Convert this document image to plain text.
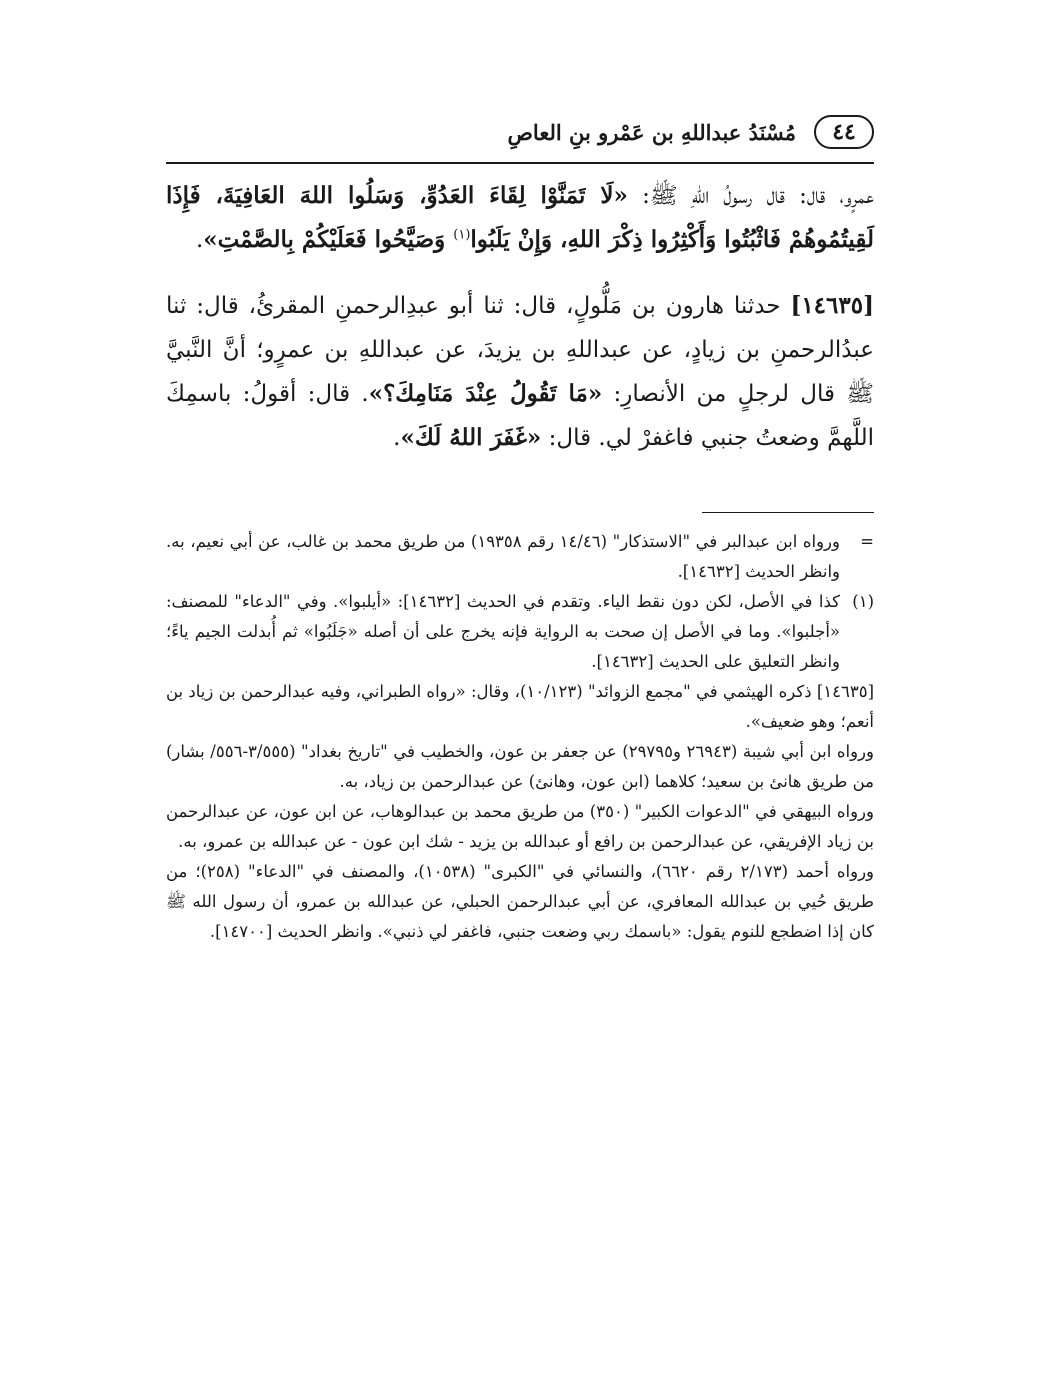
٤٤
مُسْنَدُ عبداللهِ بن عَمْرو بنِ العاصِ

عمرٍو، قال: قال رسولُ اللهِ ﷺ: «لَا تَمَنَّوْا لِقَاءَ العَدُوِّ، وَسَلُوا اللهَ العَافِيَةَ، فَإِذَا لَقِيتُمُوهُمْ فَاثْبُتُوا وَأَكْثِرُوا ذِكْرَ اللهِ، وَإِنْ يَلَبُوا$^{(١)}$ وَصَيَّحُوا فَعَلَيْكُمْ بِالصَّمْتِ».

[١٤٦٣٥] حدثنا هارون بن مَلُّولٍ، قال: ثنا أبو عبدِالرحمنِ المقرئُ، قال: ثنا عبدُالرحمنِ بن زيادٍ، عن عبداللهِ بن يزيدَ، عن عبداللهِ بن عمرٍو؛ أنَّ النَّبيَّ ﷺ قال لرجلٍ من الأنصارِ: «مَا تَقُولُ عِنْدَ مَنَامِكَ؟». قال: أقولُ: باسمِكَ اللَّهمَّ وضعتُ جنبي فاغفرْ لي. قال: «غَفَرَ اللهُ لَكَ».

=

ورواه ابن عبدالبر في "الاستذكار" (١٤/٤٦ رقم ١٩٣٥٨) من طريق محمد بن غالب، عن أبي نعيم، به. وانظر الحديث [١٤٦٣٢].

(١)

كذا في الأصل، لكن دون نقط الياء. وتقدم في الحديث [١٤٦٣٢]: «أيلبوا». وفي "الدعاء" للمصنف: «أجلبوا». وما في الأصل إن صحت به الرواية فإنه يخرج على أن أصله «جَلَبُوا» ثم أُبدلت الجيم ياءً؛ وانظر التعليق على الحديث [١٤٦٣٢].

[١٤٦٣٥] ذكره الهيثمي في "مجمع الزوائد" (١٠/١٢٣)، وقال: «رواه الطبراني، وفيه عبدالرحمن بن زياد بن أنعم؛ وهو ضعيف».

ورواه ابن أبي شيبة (٢٦٩٤٣ و٢٩٧٩٥) عن جعفر بن عون، والخطيب في "تاريخ بغداد" (٣/٥٥٥-٥٥٦/ بشار) من طريق هانئ بن سعيد؛ كلاهما (ابن عون، وهانئ) عن عبدالرحمن بن زياد، به.

ورواه البيهقي في "الدعوات الكبير" (٣٥٠) من طريق محمد بن عبدالوهاب، عن ابن عون، عن عبدالرحمن بن زياد الإفريقي، عن عبدالرحمن بن رافع أو عبدالله بن يزيد - شك ابن عون - عن عبدالله بن عمرو، به.

ورواه أحمد (٢/١٧٣ رقم ٦٦٢٠)، والنسائي في "الكبرى" (١٠٥٣٨)، والمصنف في "الدعاء" (٢٥٨)؛ من طريق حُيي بن عبدالله المعافري، عن أبي عبدالرحمن الحبلي، عن عبدالله بن عمرو، أن رسول الله ﷺ كان إذا اضطجع للنوم يقول: «باسمك ربي وضعت جنبي، فاغفر لي ذنبي». وانظر الحديث [١٤٧٠٠].
